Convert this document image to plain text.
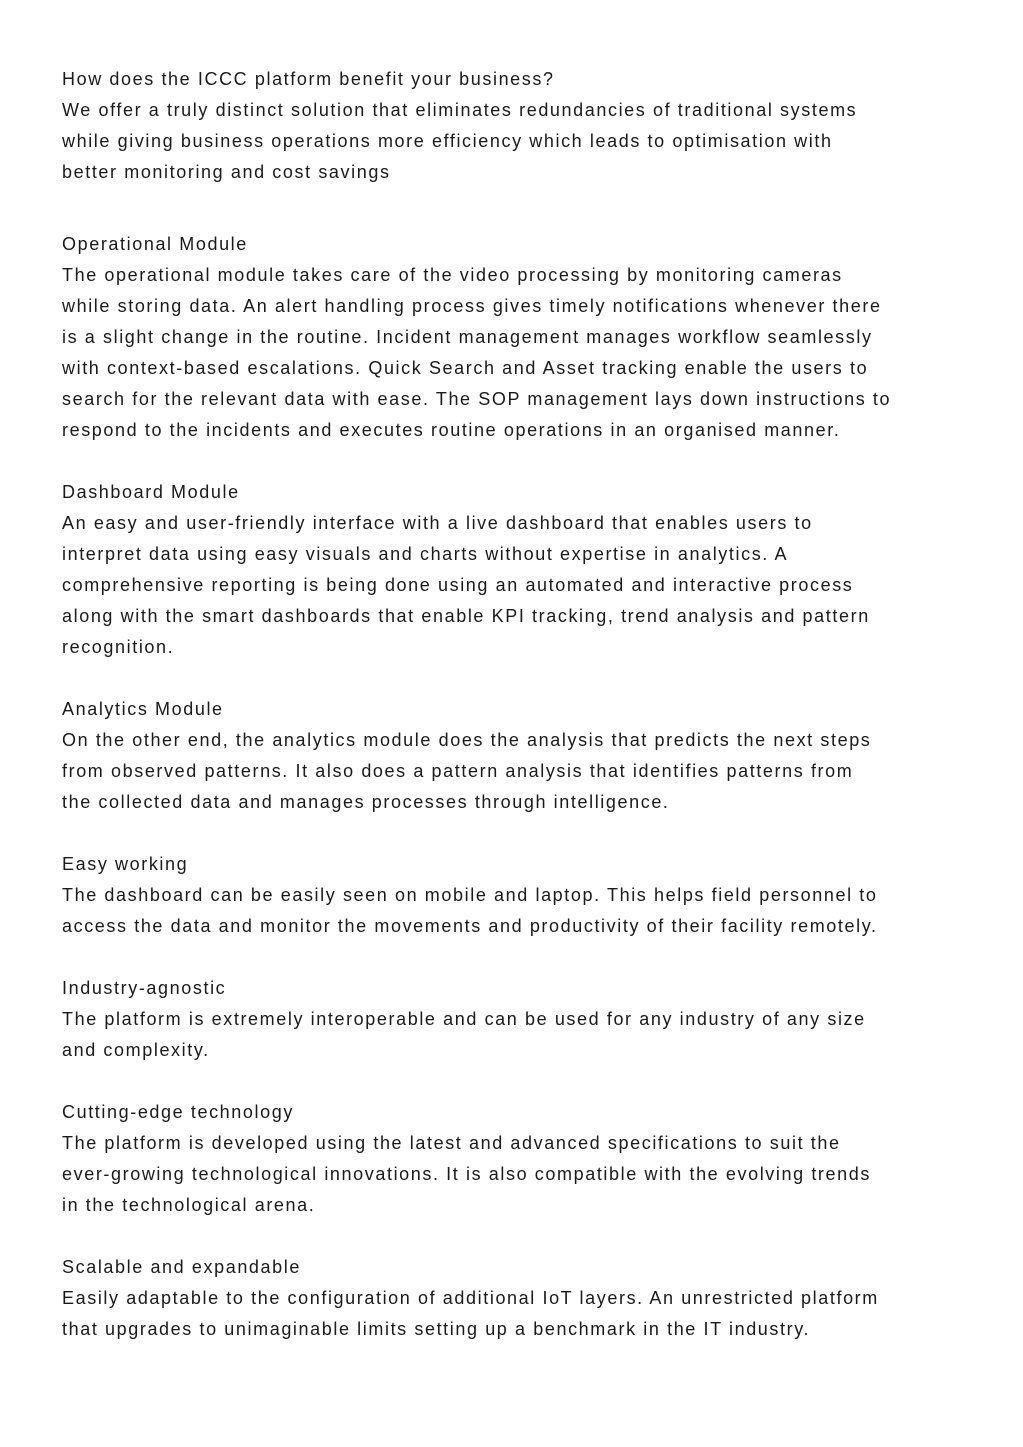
How does the ICCC platform benefit your business?
We offer a truly distinct solution that eliminates redundancies of traditional systems
while giving business operations more efficiency which leads to optimisation with
better monitoring and cost savings
Operational Module
The operational module takes care of the video processing by monitoring cameras
while storing data. An alert handling process gives timely notifications whenever there
is a slight change in the routine. Incident management manages workflow seamlessly
with context-based escalations. Quick Search and Asset tracking enable the users to
search for the relevant data with ease. The SOP management lays down instructions to
respond to the incidents and executes routine operations in an organised manner.
Dashboard Module
An easy and user-friendly interface with a live dashboard that enables users to
interpret data using easy visuals and charts without expertise in analytics. A
comprehensive reporting is being done using an automated and interactive process
along with the smart dashboards that enable KPI tracking, trend analysis and pattern
recognition.
Analytics Module
On the other end, the analytics module does the analysis that predicts the next steps
from observed patterns. It also does a pattern analysis that identifies patterns from
the collected data and manages processes through intelligence.
Easy working
The dashboard can be easily seen on mobile and laptop. This helps field personnel to
access the data and monitor the movements and productivity of their facility remotely.
Industry-agnostic
The platform is extremely interoperable and can be used for any industry of any size
and complexity.
Cutting-edge technology
The platform is developed using the latest and advanced specifications to suit the
ever-growing technological innovations. It is also compatible with the evolving trends
in the technological arena.
Scalable and expandable
Easily adaptable to the configuration of additional IoT layers. An unrestricted platform
that upgrades to unimaginable limits setting up a benchmark in the IT industry.
